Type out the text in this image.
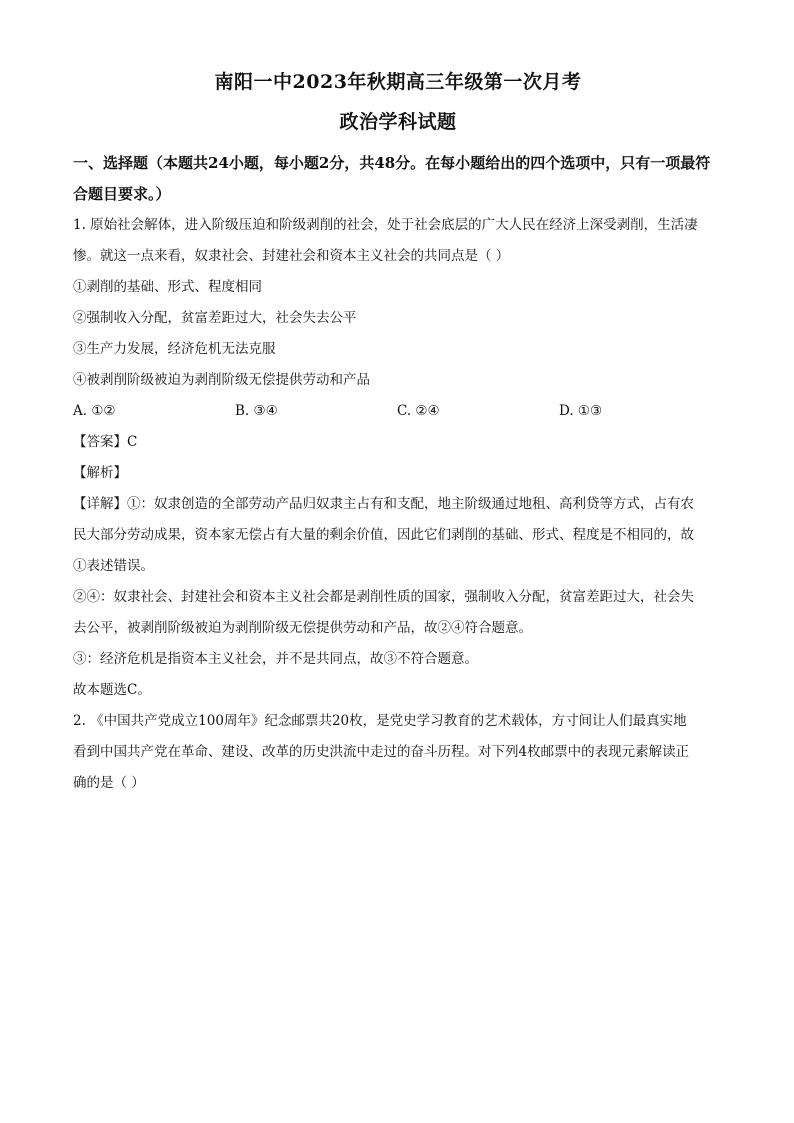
南阳一中2023年秋期高三年级第一次月考
政治学科试题
一、选择题（本题共24小题，每小题2分，共48分。在每小题给出的四个选项中，只有一项最符合题目要求。）

1. 原始社会解体，进入阶级压迫和阶级剥削的社会，处于社会底层的广大人民在经济上深受剥削，生活凄

惨。就这一点来看，奴隶社会、封建社会和资本主义社会的共同点是（ ）

①剥削的基础、形式、程度相同

②强制收入分配，贫富差距过大，社会失去公平

③生产力发展，经济危机无法克服

④被剥削阶级被迫为剥削阶级无偿提供劳动和产品

A. ①②	B. ③④	C. ②④	D. ①③
【答案】C
【解析】

【详解】①：奴隶创造的全部劳动产品归奴隶主占有和支配，地主阶级通过地租、高利贷等方式，占有农

民大部分劳动成果，资本家无偿占有大量的剩余价值，因此它们剥削的基础、形式、程度是不相同的，故

①表述错误。

②④：奴隶社会、封建社会和资本主义社会都是剥削性质的国家，强制收入分配，贫富差距过大，社会失

去公平，被剥削阶级被迫为剥削阶级无偿提供劳动和产品，故②④符合题意。

③：经济危机是指资本主义社会，并不是共同点，故③不符合题意。

故本题选C。

2. 《中国共产党成立100周年》纪念邮票共20枚，是党史学习教育的艺术载体，方寸间让人们最真实地

看到中国共产党在革命、建设、改革的历史洪流中走过的奋斗历程。对下列4枚邮票中的表现元素解读正

确的是（ ）
